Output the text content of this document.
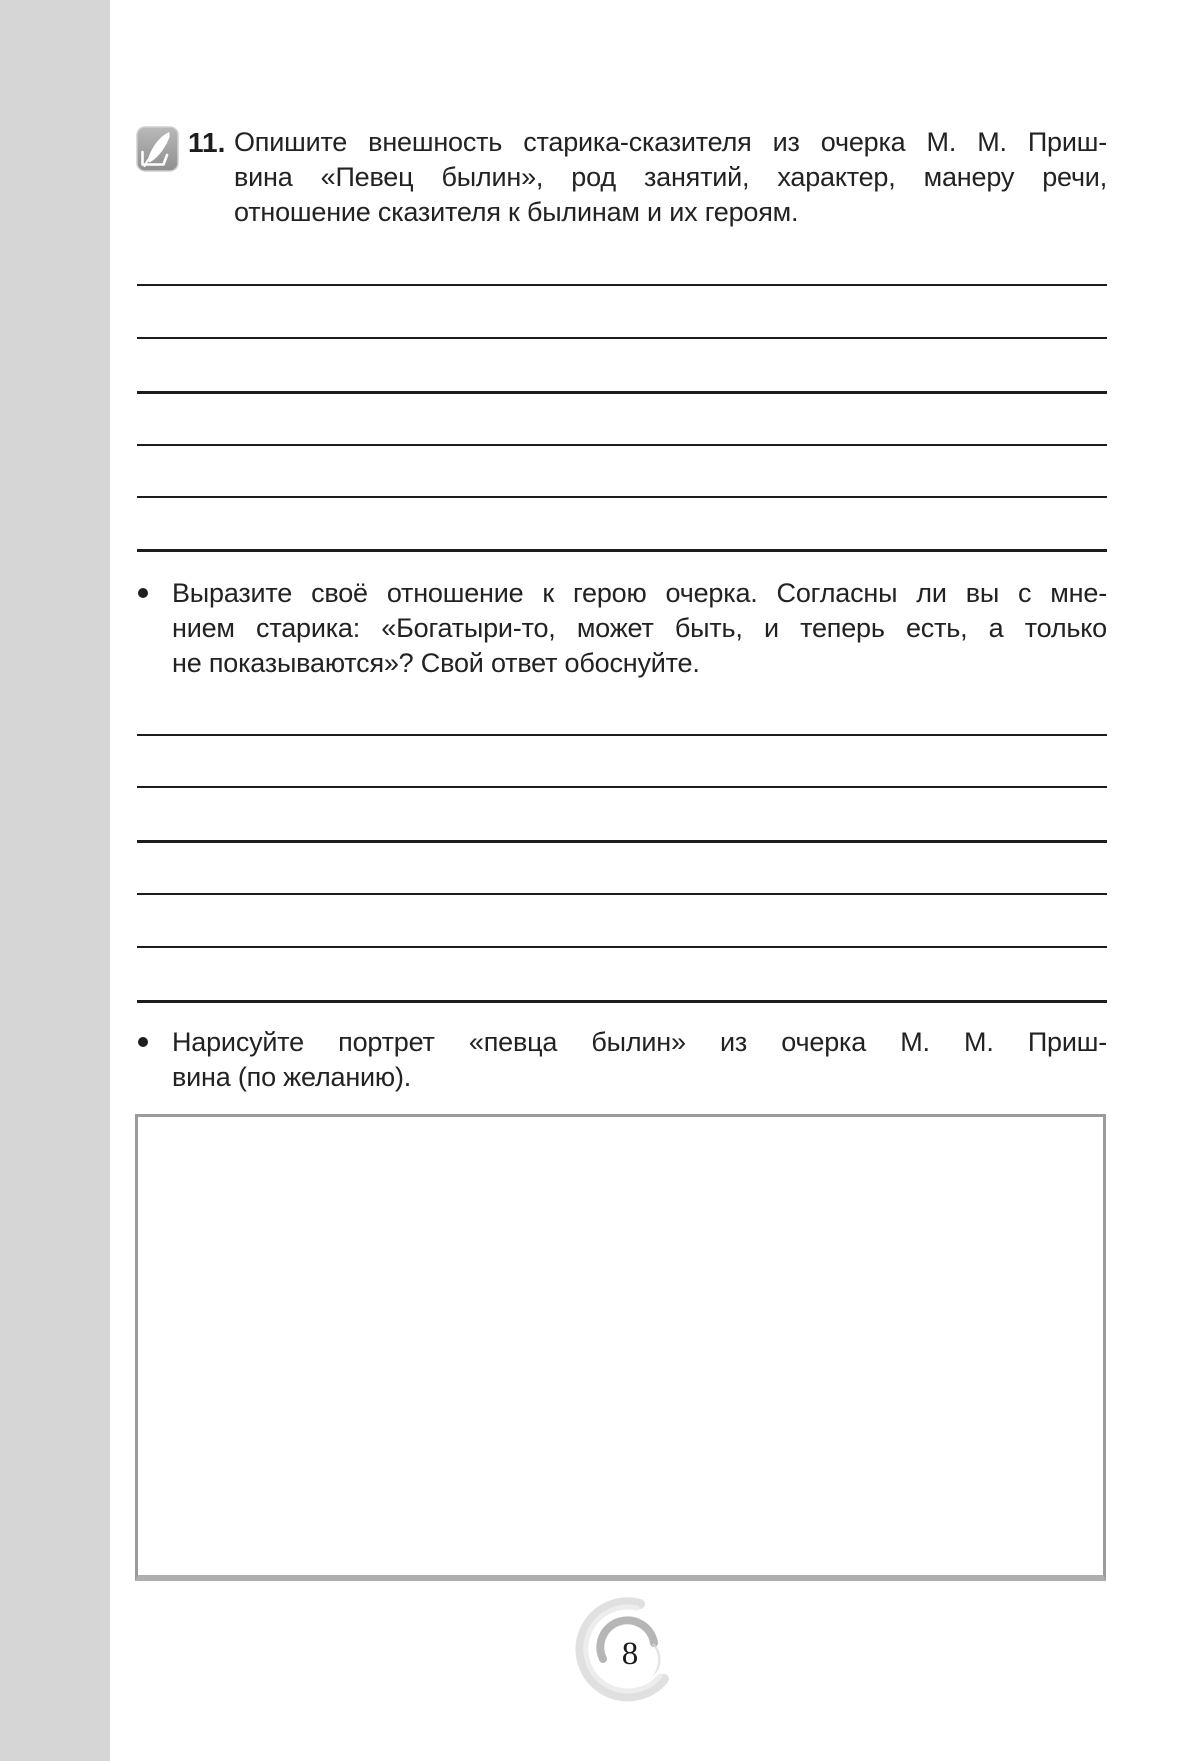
11. Опишите внешность старика-сказителя из очерка М. М. Приш-
вина «Певец былин», род занятий, характер, манеру речи,
отношение сказителя к былинам и их героям.
Выразите своё отношение к герою очерка. Согласны ли вы с мне-
нием старика: «Богатыри-то, может быть, и теперь есть, а только
не показываются»? Свой ответ обоснуйте.
Нарисуйте портрет «певца былин» из очерка М. М. Приш-
вина (по желанию).
8
